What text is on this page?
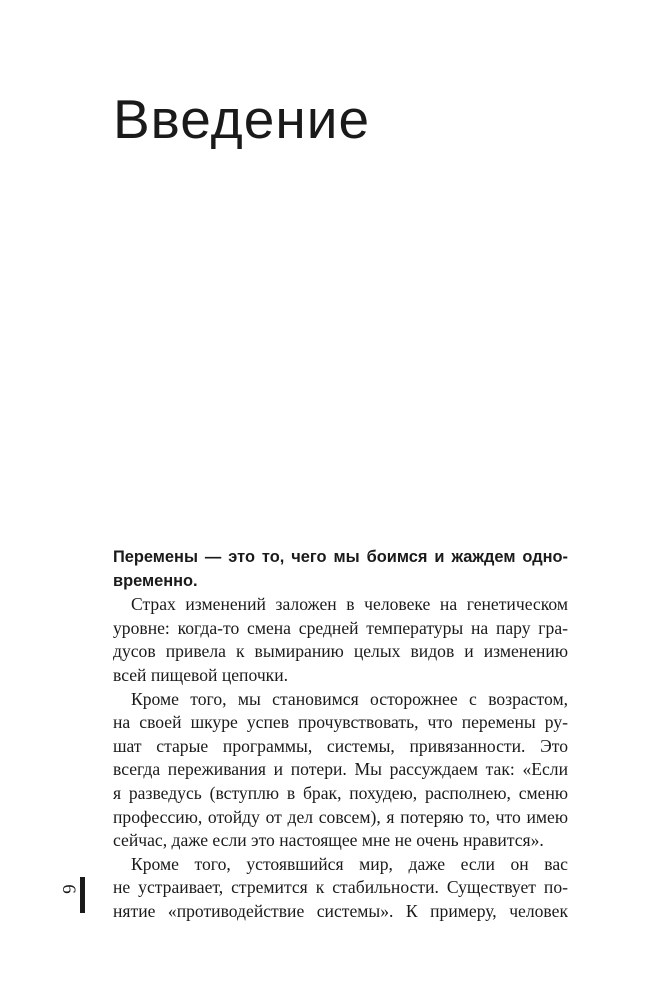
Введение

Перемены — это то, чего мы боимся и жаждем одно-
временно.

Страх изменений заложен в человеке на генетическом
уровне: когда-то смена средней температуры на пару гра-
дусов привела к вымиранию целых видов и изменению
всей пищевой цепочки.

Кроме того, мы становимся осторожнее с возрастом,
на своей шкуре успев прочувствовать, что перемены ру-
шат старые программы, системы, привязанности. Это
всегда переживания и потери. Мы рассуждаем так: «Если
я разведусь (вступлю в брак, похудею, располнею, сменю
профессию, отойду от дел совсем), я потеряю то, что имею
сейчас, даже если это настоящее мне не очень нравится».

Кроме того, устоявшийся мир, даже если он вас
не устраивает, стремится к стабильности. Существует по-
нятие «противодействие системы». К примеру, человек

6
